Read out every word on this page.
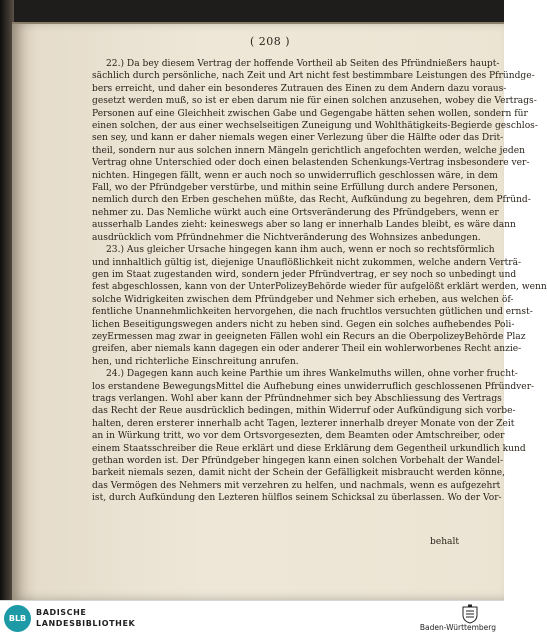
( 208 )
22.) Da bey diesem Vertrag der hoffende Vortheil ab Seiten des Pfründnießers haupt-
sächlich durch persönliche, nach Zeit und Art nicht fest bestimmbare Leistungen des Pfründge-
bers erreicht, und daher ein besonderes Zutrauen des Einen zu dem Andern dazu voraus-
gesetzt werden muß, so ist er eben darum nie für einen solchen anzusehen, wobey die Vertrags-
Personen auf eine Gleichheit zwischen Gabe und Gegengabe hätten sehen wollen, sondern für
einen solchen, der aus einer wechselseitigen Zuneigung und Wohlthätigkeits-Begierde geschlos-
sen sey, und kann er daher niemals wegen einer Verlezung über die Hälfte oder das Drit-
theil, sondern nur aus solchen innern Mängeln gerichtlich angefochten werden, welche jeden
Vertrag ohne Unterschied oder doch einen belastenden Schenkungs-Vertrag insbesondere ver-
nichten. Hingegen fällt, wenn er auch noch so unwiderruflich geschlossen wäre, in dem
Fall, wo der Pfründgeber verstürbe, und mithin seine Erfüllung durch andere Personen,
nemlich durch den Erben geschehen müßte, das Recht, Aufkündung zu begehren, dem Pfründ-
nehmer zu. Das Nemliche würkt auch eine Ortsveränderung des Pfründgebers, wenn er
ausserhalb Landes zieht: keineswegs aber so lang er innerhalb Landes bleibt, es wäre dann
ausdrücklich vom Pfründnehmer die Nichtveränderung des Wohnsizes anbedungen.
23.) Aus gleicher Ursache hingegen kann ihm auch, wenn er noch so rechtsförmlich
und innhaltlich gültig ist, diejenige Unauflößlichkeit nicht zukommen, welche andern Verträ-
gen im Staat zugestanden wird, sondern jeder Pfründvertrag, er sey noch so unbedingt und
fest abgeschlossen, kann von der UnterPolizeyBehörde wieder für aufgelößt erklärt werden, wenn
solche Widrigkeiten zwischen dem Pfründgeber und Nehmer sich erheben, aus welchen öf-
fentliche Unannehmlichkeiten hervorgehen, die nach fruchtlos versuchten gütlichen und ernst-
lichen Beseitigungswegen anders nicht zu heben sind. Gegen ein solches aufhebendes Poli-
zeyErmessen mag zwar in geeigneten Fällen wohl ein Recurs an die OberpolizeyBehörde Plaz
greifen, aber niemals kann dagegen ein oder anderer Theil ein wohlerworbenes Recht anzie-
hen, und richterliche Einschreitung anrufen.
24.) Dagegen kann auch keine Parthie um ihres Wankelmuths willen, ohne vorher frucht-
los erstandene BewegungsMittel die Aufhebung eines unwiderruflich geschlossenen Pfründver-
trags verlangen. Wohl aber kann der Pfründnehmer sich bey Abschliessung des Vertrags
das Recht der Reue ausdrücklich bedingen, mithin Widerruf oder Aufkündigung sich vorbe-
halten, deren ersterer innerhalb acht Tagen, lezterer innerhalb dreyer Monate von der Zeit
an in Würkung tritt, wo vor dem Ortsvorgesezten, dem Beamten oder Amtschreiber, oder
einem Staatsschreiber die Reue erklärt und diese Erklärung dem Gegentheil urkundlich kund
gethan worden ist. Der Pfründgeber hingegen kann einen solchen Vorbehalt der Wandel-
barkeit niemals sezen, damit nicht der Schein der Gefälligkeit misbraucht werden könne,
das Vermögen des Nehmers mit verzehren zu helfen, und nachmals, wenn es aufgezehrt
ist, durch Aufkündung den Lezteren hülflos seinem Schicksal zu überlassen. Wo der Vor-
behalt
BLB
BADISCHE
LANDESBIBLIOTHEK	Baden-Württemberg
